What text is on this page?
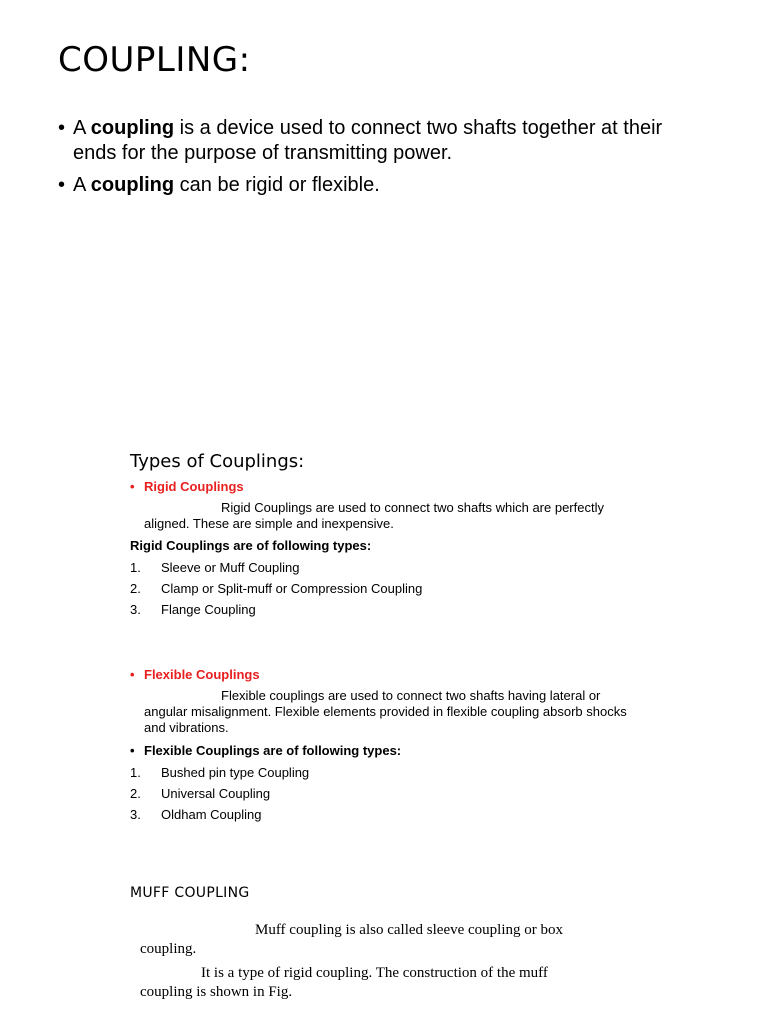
COUPLING:
• A coupling is a device used to connect two shafts together at their ends for the purpose of transmitting power.
• A coupling can be rigid or flexible.
Types of Couplings:
• Rigid Couplings
Rigid Couplings are used to connect two shafts which are perfectly aligned. These are simple and inexpensive.
Rigid Couplings are of following types:
1. Sleeve or Muff Coupling
2. Clamp or Split-muff or Compression Coupling
3. Flange Coupling
• Flexible Couplings
Flexible couplings are used to connect two shafts having lateral or angular misalignment. Flexible elements provided in flexible coupling absorb shocks and vibrations.
• Flexible Couplings are of following types:
1. Bushed pin type Coupling
2. Universal Coupling
3. Oldham Coupling
MUFF COUPLING
Muff coupling is also called sleeve coupling or box coupling.
It is a type of rigid coupling. The construction of the muff coupling is shown in Fig.
